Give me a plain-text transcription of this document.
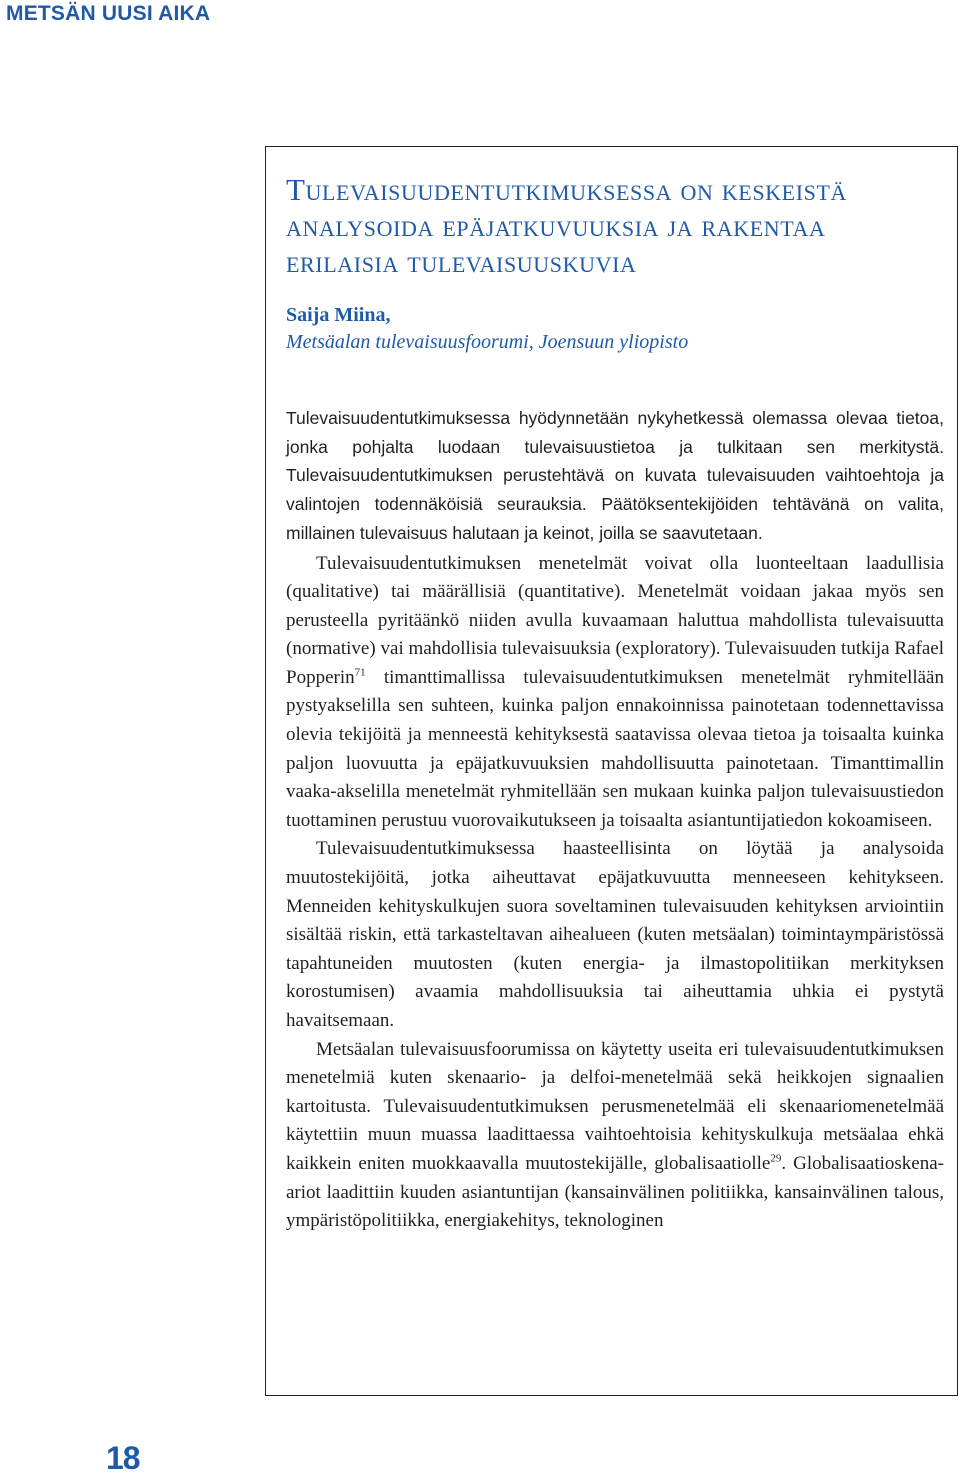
METSÄN UUSI AIKA
Tulevaisuudentutkimuksessa on keskeistä analysoida epäjatkuvuuksia ja rakentaa erilaisia tulevaisuuskuvia
Saija Miina,
Metsäalan tulevaisuusfoorumi, Joensuun yliopisto
Tulevaisuudentutkimuksessa hyödynnetään nykyhetkessä olemassa olevaa tietoa, jonka pohjalta luodaan tulevaisuustietoa ja tulkitaan sen merkitystä. Tulevaisuudentutkimuksen perustehtävä on kuvata tulevaisuuden vaihtoehtoja ja valintojen todennäköisiä seurauksia. Päätöksentekijöiden tehtävänä on valita, millainen tulevaisuus halutaan ja keinot, joilla se saavutetaan.

Tulevaisuudentutkimuksen menetelmät voivat olla luonteeltaan laadullisia (qualitative) tai määrällisiä (quantitative). Menetelmät voidaan jakaa myös sen perusteella pyritäänkö niiden avulla kuvaamaan haluttua mahdollista tulevaisuutta (normative) vai mahdollisia tulevaisuuksia (exploratory). Tulevaisuuden tutkija Rafael Popperin$^{71}$ timanttimallissa tulevaisuudentutkimuksen menetelmät ryhmitellään pystyakselilla sen suhteen, kuinka paljon ennakoinnissa painotetaan todennettavissa olevia tekijöitä ja menneestä kehityksestä saatavissa olevaa tietoa ja toisaalta kuinka paljon luovuutta ja epäjatkuvuuksien mahdollisuutta painotetaan. Timanttimallin vaaka-akselilla menetelmät ryhmitellään sen mukaan kuinka paljon tulevaisuustiedon tuottaminen perustuu vuorovaikutukseen ja toisaalta asiantuntijatiedon kokoamiseen.

Tulevaisuudentutkimuksessa haasteellisinta on löytää ja analysoida muutostekijöitä, jotka aiheuttavat epäjatkuvuutta menneeseen kehitykseen. Menneiden kehityskulkujen suora soveltaminen tulevaisuuden kehityksen arviointiin sisältää riskin, että tarkasteltavan aihealueen (kuten metsäalan) toimintaympäristössä tapahtuneiden muutosten (kuten energia- ja ilmastopolitiikan merkityksen korostumisen) avaamia mahdollisuuksia tai aiheuttamia uhkia ei pystytä havaitsemaan.

Metsäalan tulevaisuusfoorumissa on käytetty useita eri tulevaisuudentutkimuksen menetelmiä kuten skenaario- ja delfoi-menetelmää sekä heikkojen signaalien kartoitusta. Tulevaisuudentutkimuksen perusmenetelmää eli skenaariomenetelmää käytettiin muun muassa laadittaessa vaihtoehtoisia kehityskulkuja metsäalaa ehkä kaikkein eniten muokkaavalla muutostekijälle, globalisaatiolle$^{29}$. Globalisaatioskenaariot laadittiin kuuden asiantuntijan (kansainvälinen politiikka, kansainvälinen talous, ympäristöpolitiikka, energiakehitys, teknologinen

18
